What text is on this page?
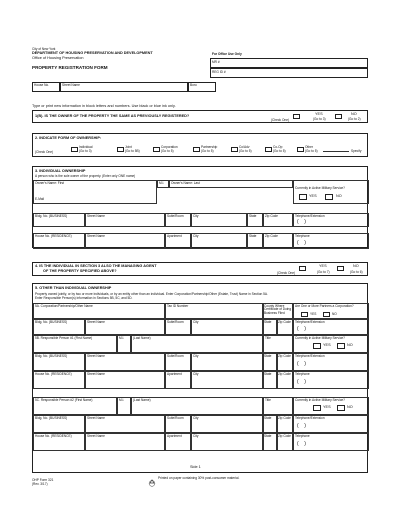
City of New York
DEPARTMENT OF HOUSING PRESERVATION AND DEVELOPMENT
Office of Housing Preservation
PROPERTY REGISTRATION FORM
For Office Use Only
MR #
REG ID #
House No.	Street Name	Boro
Type or print new information in block letters and numbers. Use black or blue ink only.
1(B). IS THE OWNER OF THE PROPERTY THE SAME AS PREVIOUSLY REGISTERED?
(Check One)
YES
(Go to 3)
NO
(Go to 2)
2. INDICATE FORM OF OWNERSHIP:
(Check One)
Individual
(Go to 3)
Joint
(Go to 5B)
Corporation
(Go to 5)
Partnership
(Go to 5)
Co/Adv
(Go to 5)
Co-Op
(Go to 5)
Other
(Go to 5)	Specify
3. INDIVIDUAL OWNERSHIP
A person who is the sole owner of the property. (Enter only ONE name)
Owner's Name: First	M.I. Owner's Name: Last
E-Mail
Currently in Active Military Service?
YES	NO
Bldg. No. (BUSINESS)	Street Name	Suite/Room	City	State	Zip Code	Telephone/Extension
(    )
House No. (RESIDENCE)	Street Name	Apartment	City	State	Zip Code	Telephone
(    )
4. IS THE INDIVIDUAL IN SECTION 3 ALSO THE MANAGING AGENT
OF THE PROPERTY SPECIFIED ABOVE?	(Check One)
YES
(Go to 7)
NO
(Go to 6)
5. OTHER THAN INDIVIDUAL OWNERSHIP
Property owned jointly, or by two or more individuals, or by an entity other than an individual. Enter Corporation/Partnership/Other (Estate, Trust) Name in Section 5A.
Enter Responsible Person(s) information in Sections 5B, 5C, and 5D.
5A. Corporation/Partnership/Other Name	Tax ID Number	County Where Certificate of Doing Business Filed
Are One or More Partners a Corporation?
YES	NO
Bldg. No. (BUSINESS)	Street Name	Suite/Room	City	State Zip Code Telephone/Extension
(    )
5B. Responsible Person #1 (First Name)	M.I.	(Last Name)	Title	Currently in Active Military Service?
YES	NO
Bldg. No. (BUSINESS)	Street Name	Suite/Room	City	State Zip Code Telephone/Extension
(    )
House No. (RESIDENCE)	Street Name	Apartment	City	State Zip Code Telephone
(    )
5C. Responsible Person #2 (First Name)	M.I.	(Last Name)	Title	Currently in Active Military Service?
YES	NO
Bldg. No. (BUSINESS)	Street Name	Suite/Room	City	State Zip Code Telephone/Extension
(    )
House No. (RESIDENCE)	Street Name	Apartment	City	State Zip Code Telephone
(    )
OHP Form 321
(Rev. 3/17)
Side 1
Printed on paper containing 30% post-consumer material.
